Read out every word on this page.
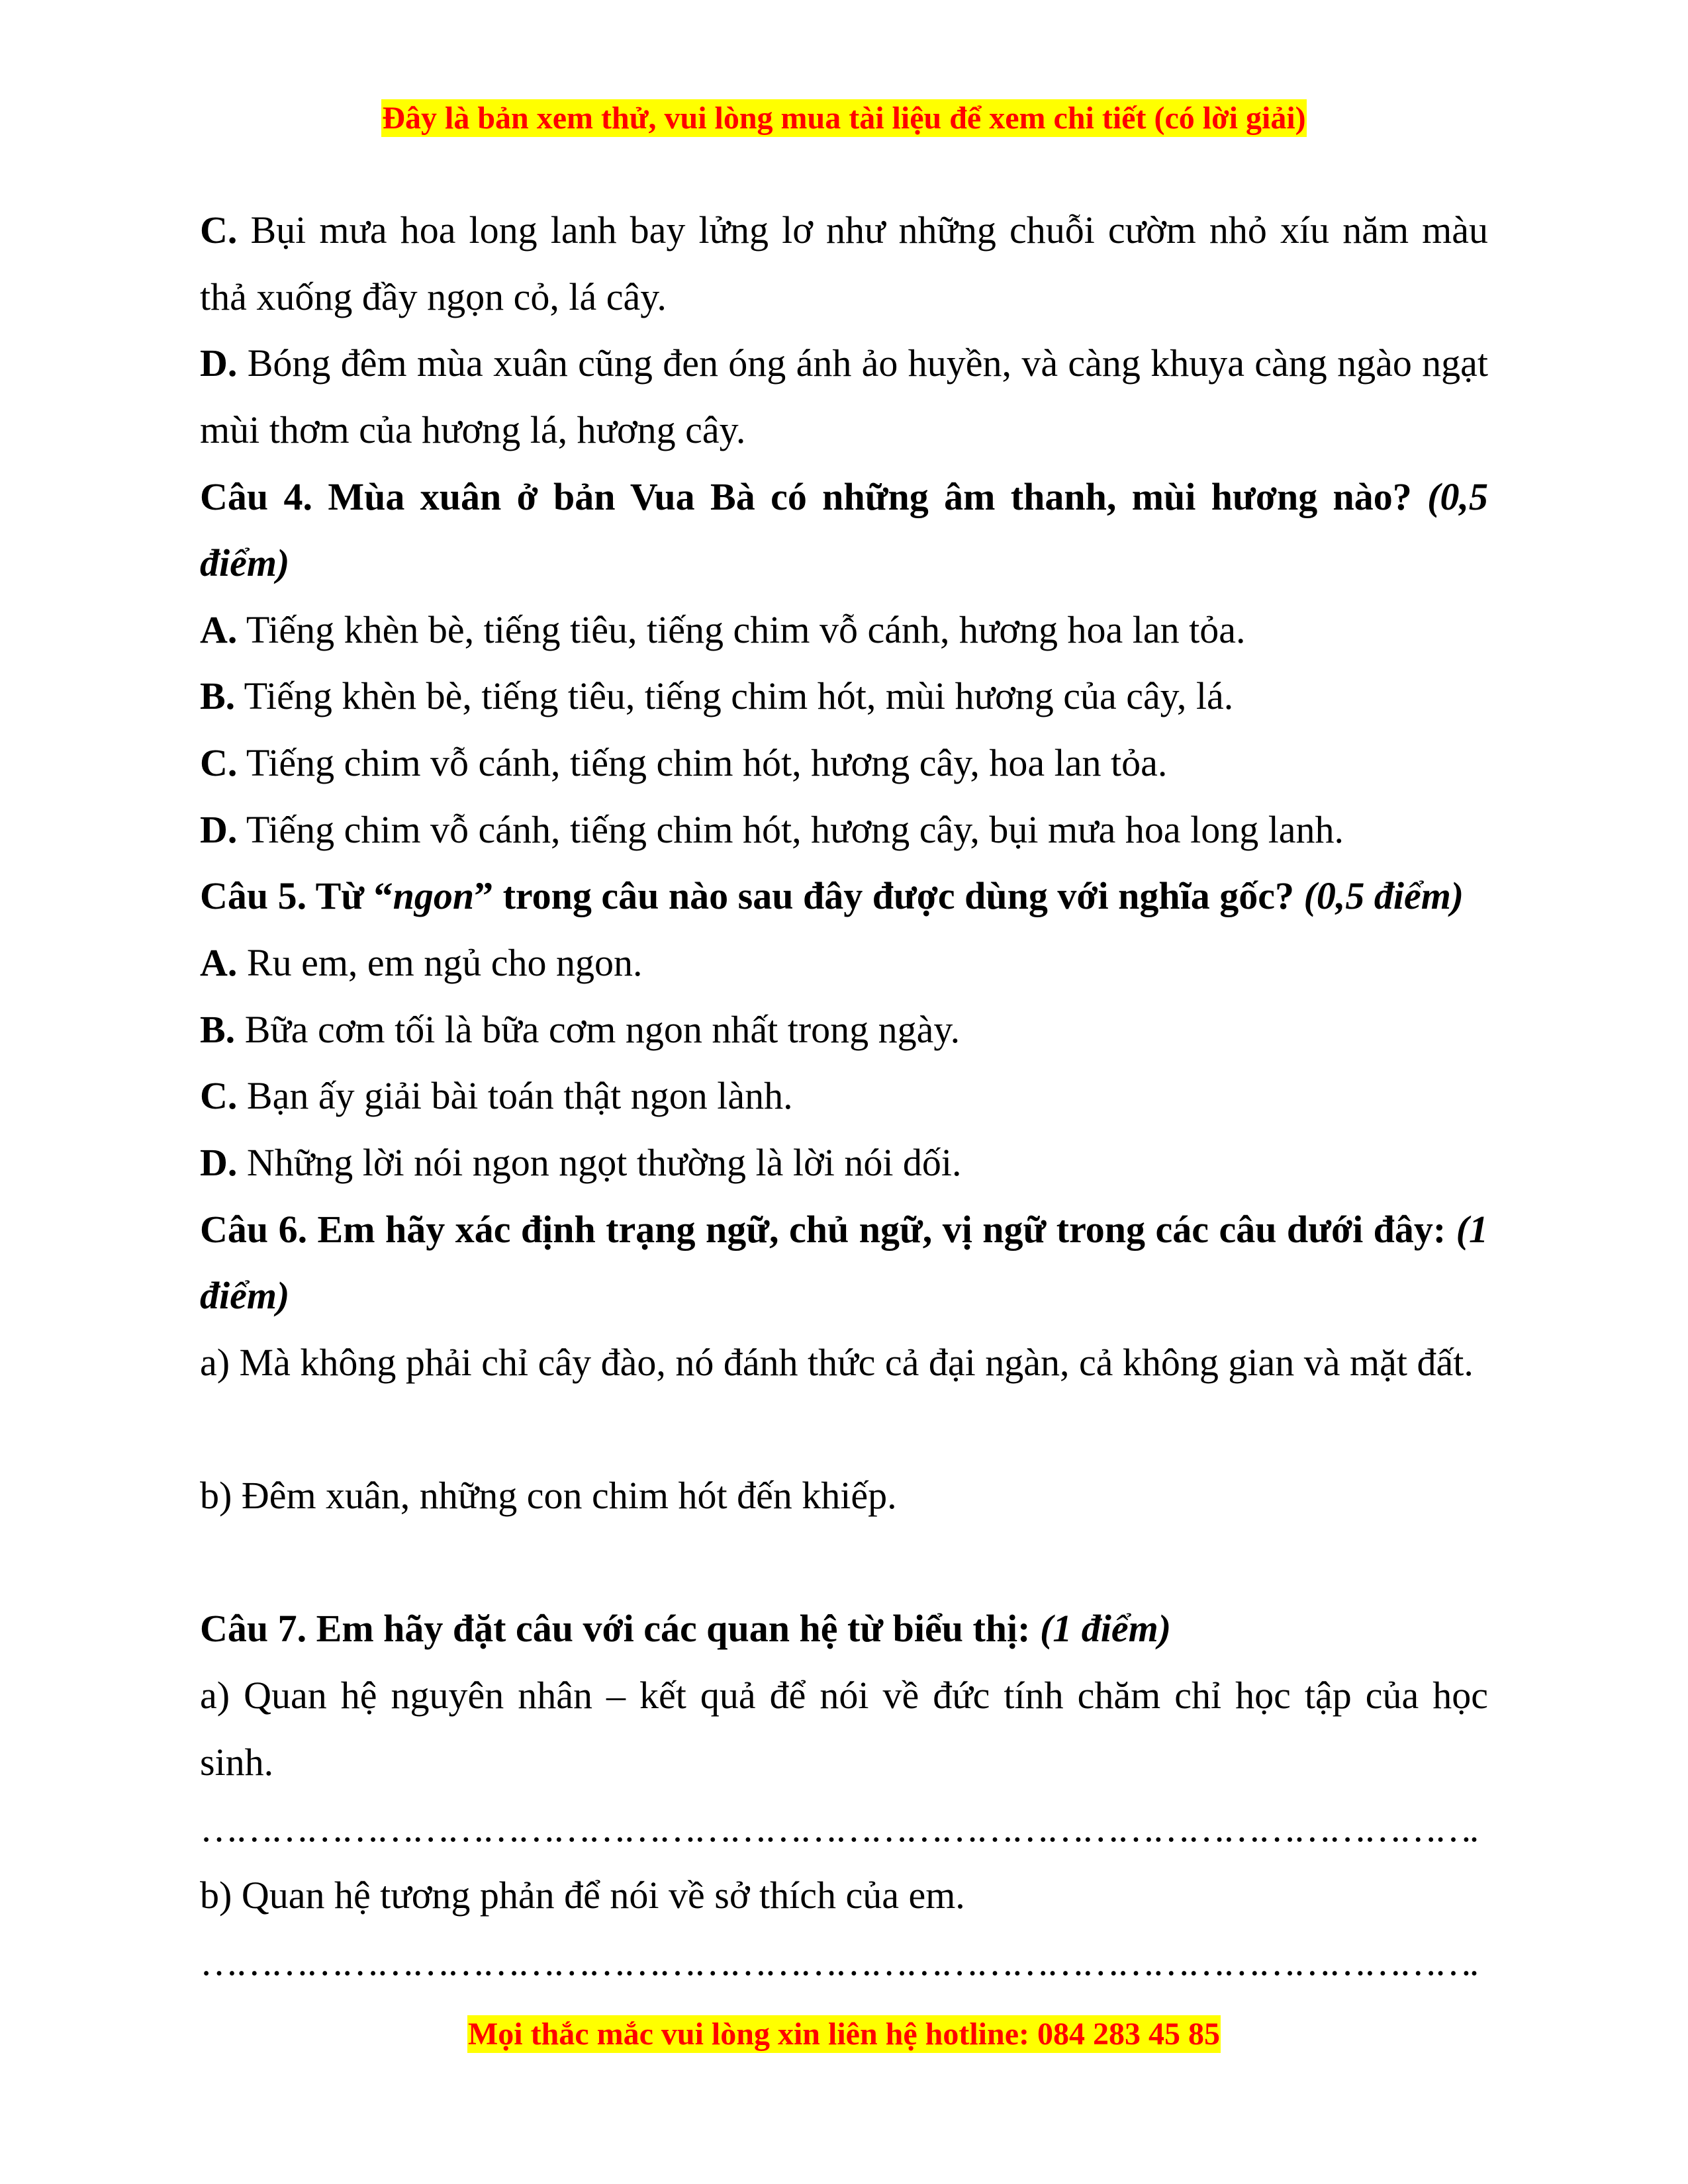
Đây là bản xem thử, vui lòng mua tài liệu để xem chi tiết (có lời giải)
C. Bụi mưa hoa long lanh bay lửng lơ như những chuỗi cườm nhỏ xíu năm màu
thả xuống đầy ngọn cỏ, lá cây.
D. Bóng đêm mùa xuân cũng đen óng ánh ảo huyền, và càng khuya càng ngào ngạt
mùi thơm của hương lá, hương cây.
Câu 4. Mùa xuân ở bản Vua Bà có những âm thanh, mùi hương nào? (0,5
điểm)
A. Tiếng khèn bè, tiếng tiêu, tiếng chim vỗ cánh, hương hoa lan tỏa.
B. Tiếng khèn bè, tiếng tiêu, tiếng chim hót, mùi hương của cây, lá.
C. Tiếng chim vỗ cánh, tiếng chim hót, hương cây, hoa lan tỏa.
D. Tiếng chim vỗ cánh, tiếng chim hót, hương cây, bụi mưa hoa long lanh.
Câu 5. Từ “ngon” trong câu nào sau đây được dùng với nghĩa gốc? (0,5 điểm)
A. Ru em, em ngủ cho ngon.
B. Bữa cơm tối là bữa cơm ngon nhất trong ngày.
C. Bạn ấy giải bài toán thật ngon lành.
D. Những lời nói ngon ngọt thường là lời nói dối.
Câu 6. Em hãy xác định trạng ngữ, chủ ngữ, vị ngữ trong các câu dưới đây: (1
điểm)
a) Mà không phải chỉ cây đào, nó đánh thức cả đại ngàn, cả không gian và mặt đất.
b) Đêm xuân, những con chim hót đến khiếp.
Câu 7. Em hãy đặt câu với các quan hệ từ biểu thị: (1 điểm)
a) Quan hệ nguyên nhân – kết quả để nói về đức tính chăm chỉ học tập của học
sinh.
……………………………………………………………………………………………….
b) Quan hệ tương phản để nói về sở thích của em.
……………………………………………………………………………………………….
Mọi thắc mắc vui lòng xin liên hệ hotline: 084 283 45 85
